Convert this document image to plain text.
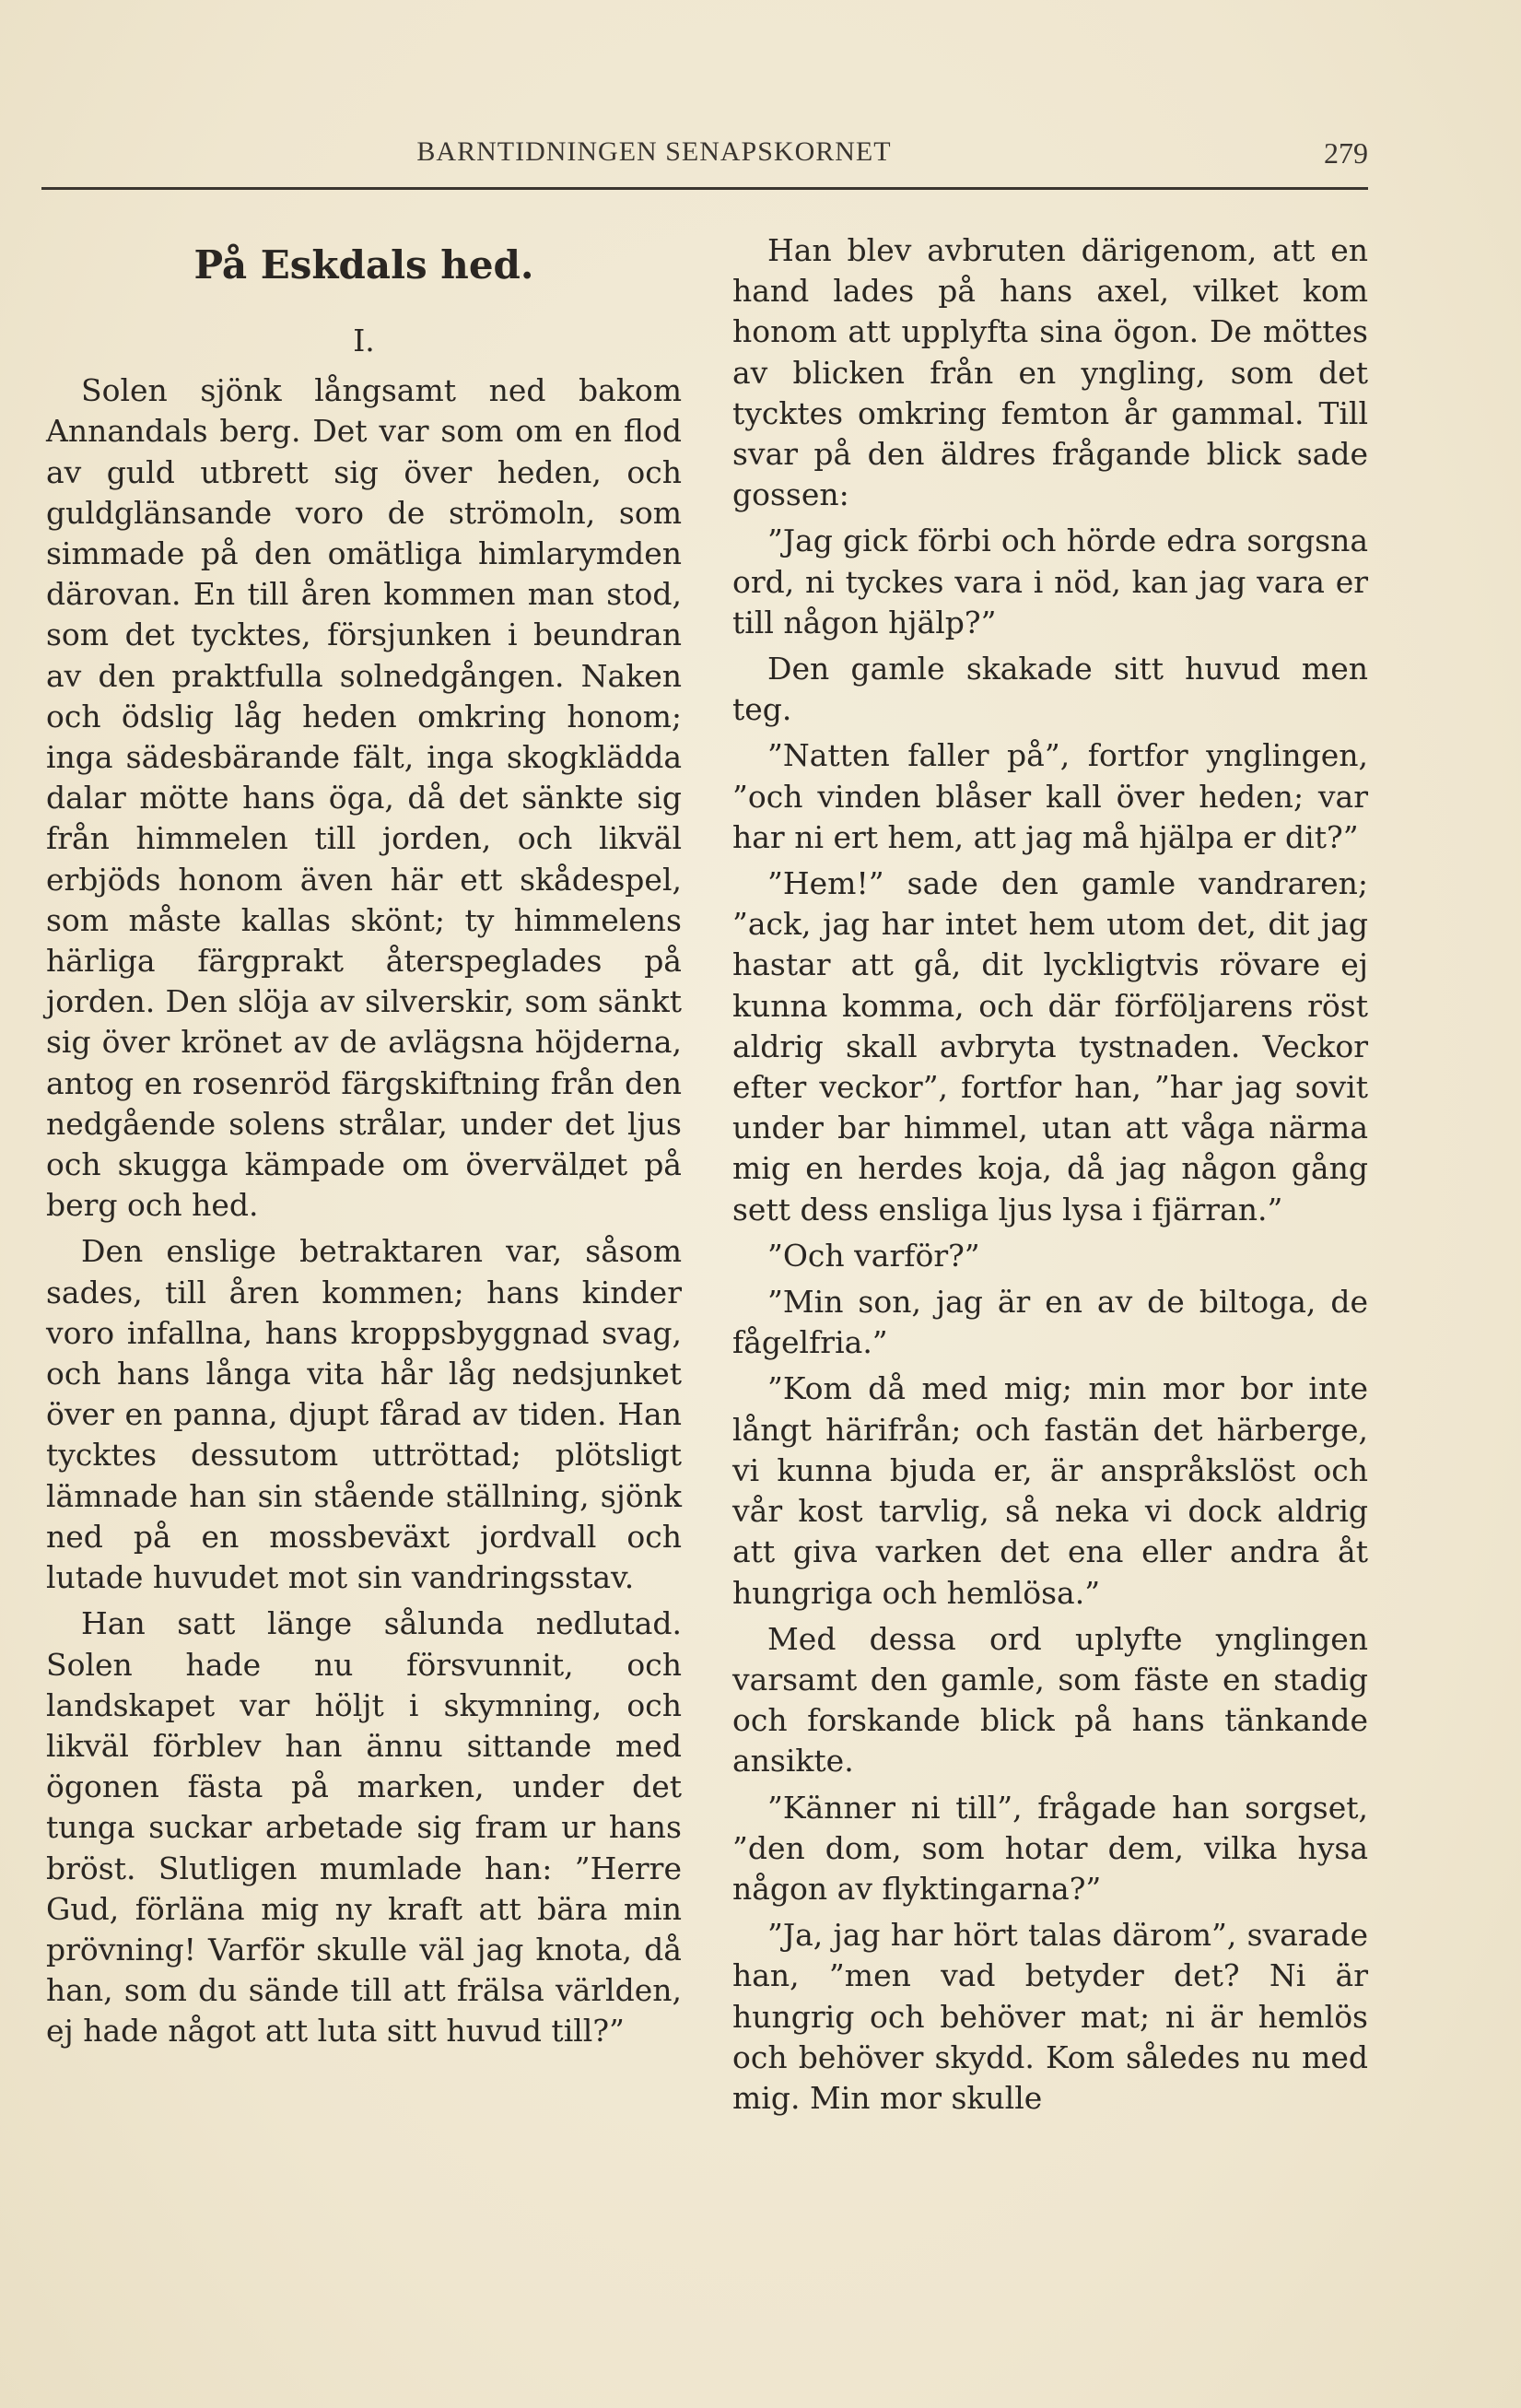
BARNTIDNINGEN SENAPSKORNET	279
På Eskdals hed.
I.

Solen sjönk långsamt ned bakom Annandals berg. Det var som om en flod av guld utbrett sig över heden, och guldglänsande voro de strömoln, som simmade på den omätliga himlarymden därovan. En till åren kommen man stod, som det tycktes, försjunken i beundran av den praktfulla solnedgången. Naken och ödslig låg heden omkring honom; inga sädesbärande fält, inga skogklädda dalar mötte hans öga, då det sänkte sig från himmelen till jorden, och likväl erbjöds honom även här ett skådespel, som måste kallas skönt; ty himmelens härliga färgprakt återspeglades på jorden. Den slöja av silverskir, som sänkt sig över krönet av de avlägsna höjderna, antog en rosenröd färgskiftning från den nedgående solens strålar, under det ljus och skugga kämpade om övervälдet på berg och hed.

Den enslige betraktaren var, såsom sades, till åren kommen; hans kinder voro infallna, hans kroppsbyggnad svag, och hans långa vita hår låg nedsjunket över en panna, djupt fårad av tiden. Han tycktes dessutom uttröttad; plötsligt lämnade han sin stående ställning, sjönk ned på en mossbeväxt jordvall och lutade huvudet mot sin vandringsstav.

Han satt länge sålunda nedlutad. Solen hade nu försvunnit, och landskapet var höljt i skymning, och likväl förblev han ännu sittande med ögonen fästa på marken, under det tunga suckar arbetade sig fram ur hans bröst. Slutligen mumlade han: ”Herre Gud, förläna mig ny kraft att bära min prövning! Varför skulle väl jag knota, då han, som du sände till att frälsa världen, ej hade något att luta sitt huvud till?”

Han blev avbruten därigenom, att en hand lades på hans axel, vilket kom honom att upplyfta sina ögon. De möttes av blicken från en yngling, som det tycktes omkring femton år gammal. Till svar på den äldres frågande blick sade gossen:

”Jag gick förbi och hörde edra sorgsna ord, ni tyckes vara i nöd, kan jag vara er till någon hjälp?”

Den gamle skakade sitt huvud men teg.

”Natten faller på”, fortfor ynglingen, ”och vinden blåser kall över heden; var har ni ert hem, att jag må hjälpa er dit?”

”Hem!” sade den gamle vandraren; ”ack, jag har intet hem utom det, dit jag hastar att gå, dit lyckligtvis rövare ej kunna komma, och där förföljarens röst aldrig skall avbryta tystnaden. Veckor efter veckor”, fortfor han, ”har jag sovit under bar himmel, utan att våga närma mig en herdes koja, då jag någon gång sett dess ensliga ljus lysa i fjärran.”

”Och varför?”

”Min son, jag är en av de biltoga, de fågelfria.”

”Kom då med mig; min mor bor inte långt härifrån; och fastän det härberge, vi kunna bjuda er, är anspråkslöst och vår kost tarvlig, så neka vi dock aldrig att giva varken det ena eller andra åt hungriga och hemlösa.”

Med dessa ord uplyfte ynglingen varsamt den gamle, som fäste en stadig och forskande blick på hans tänkande ansikte.

”Känner ni till”, frågade han sorgset, ”den dom, som hotar dem, vilka hysa någon av flyktingarna?”

”Ja, jag har hört talas därom”, svarade han, ”men vad betyder det? Ni är hungrig och behöver mat; ni är hemlös och behöver skydd. Kom således nu med mig. Min mor skulle
